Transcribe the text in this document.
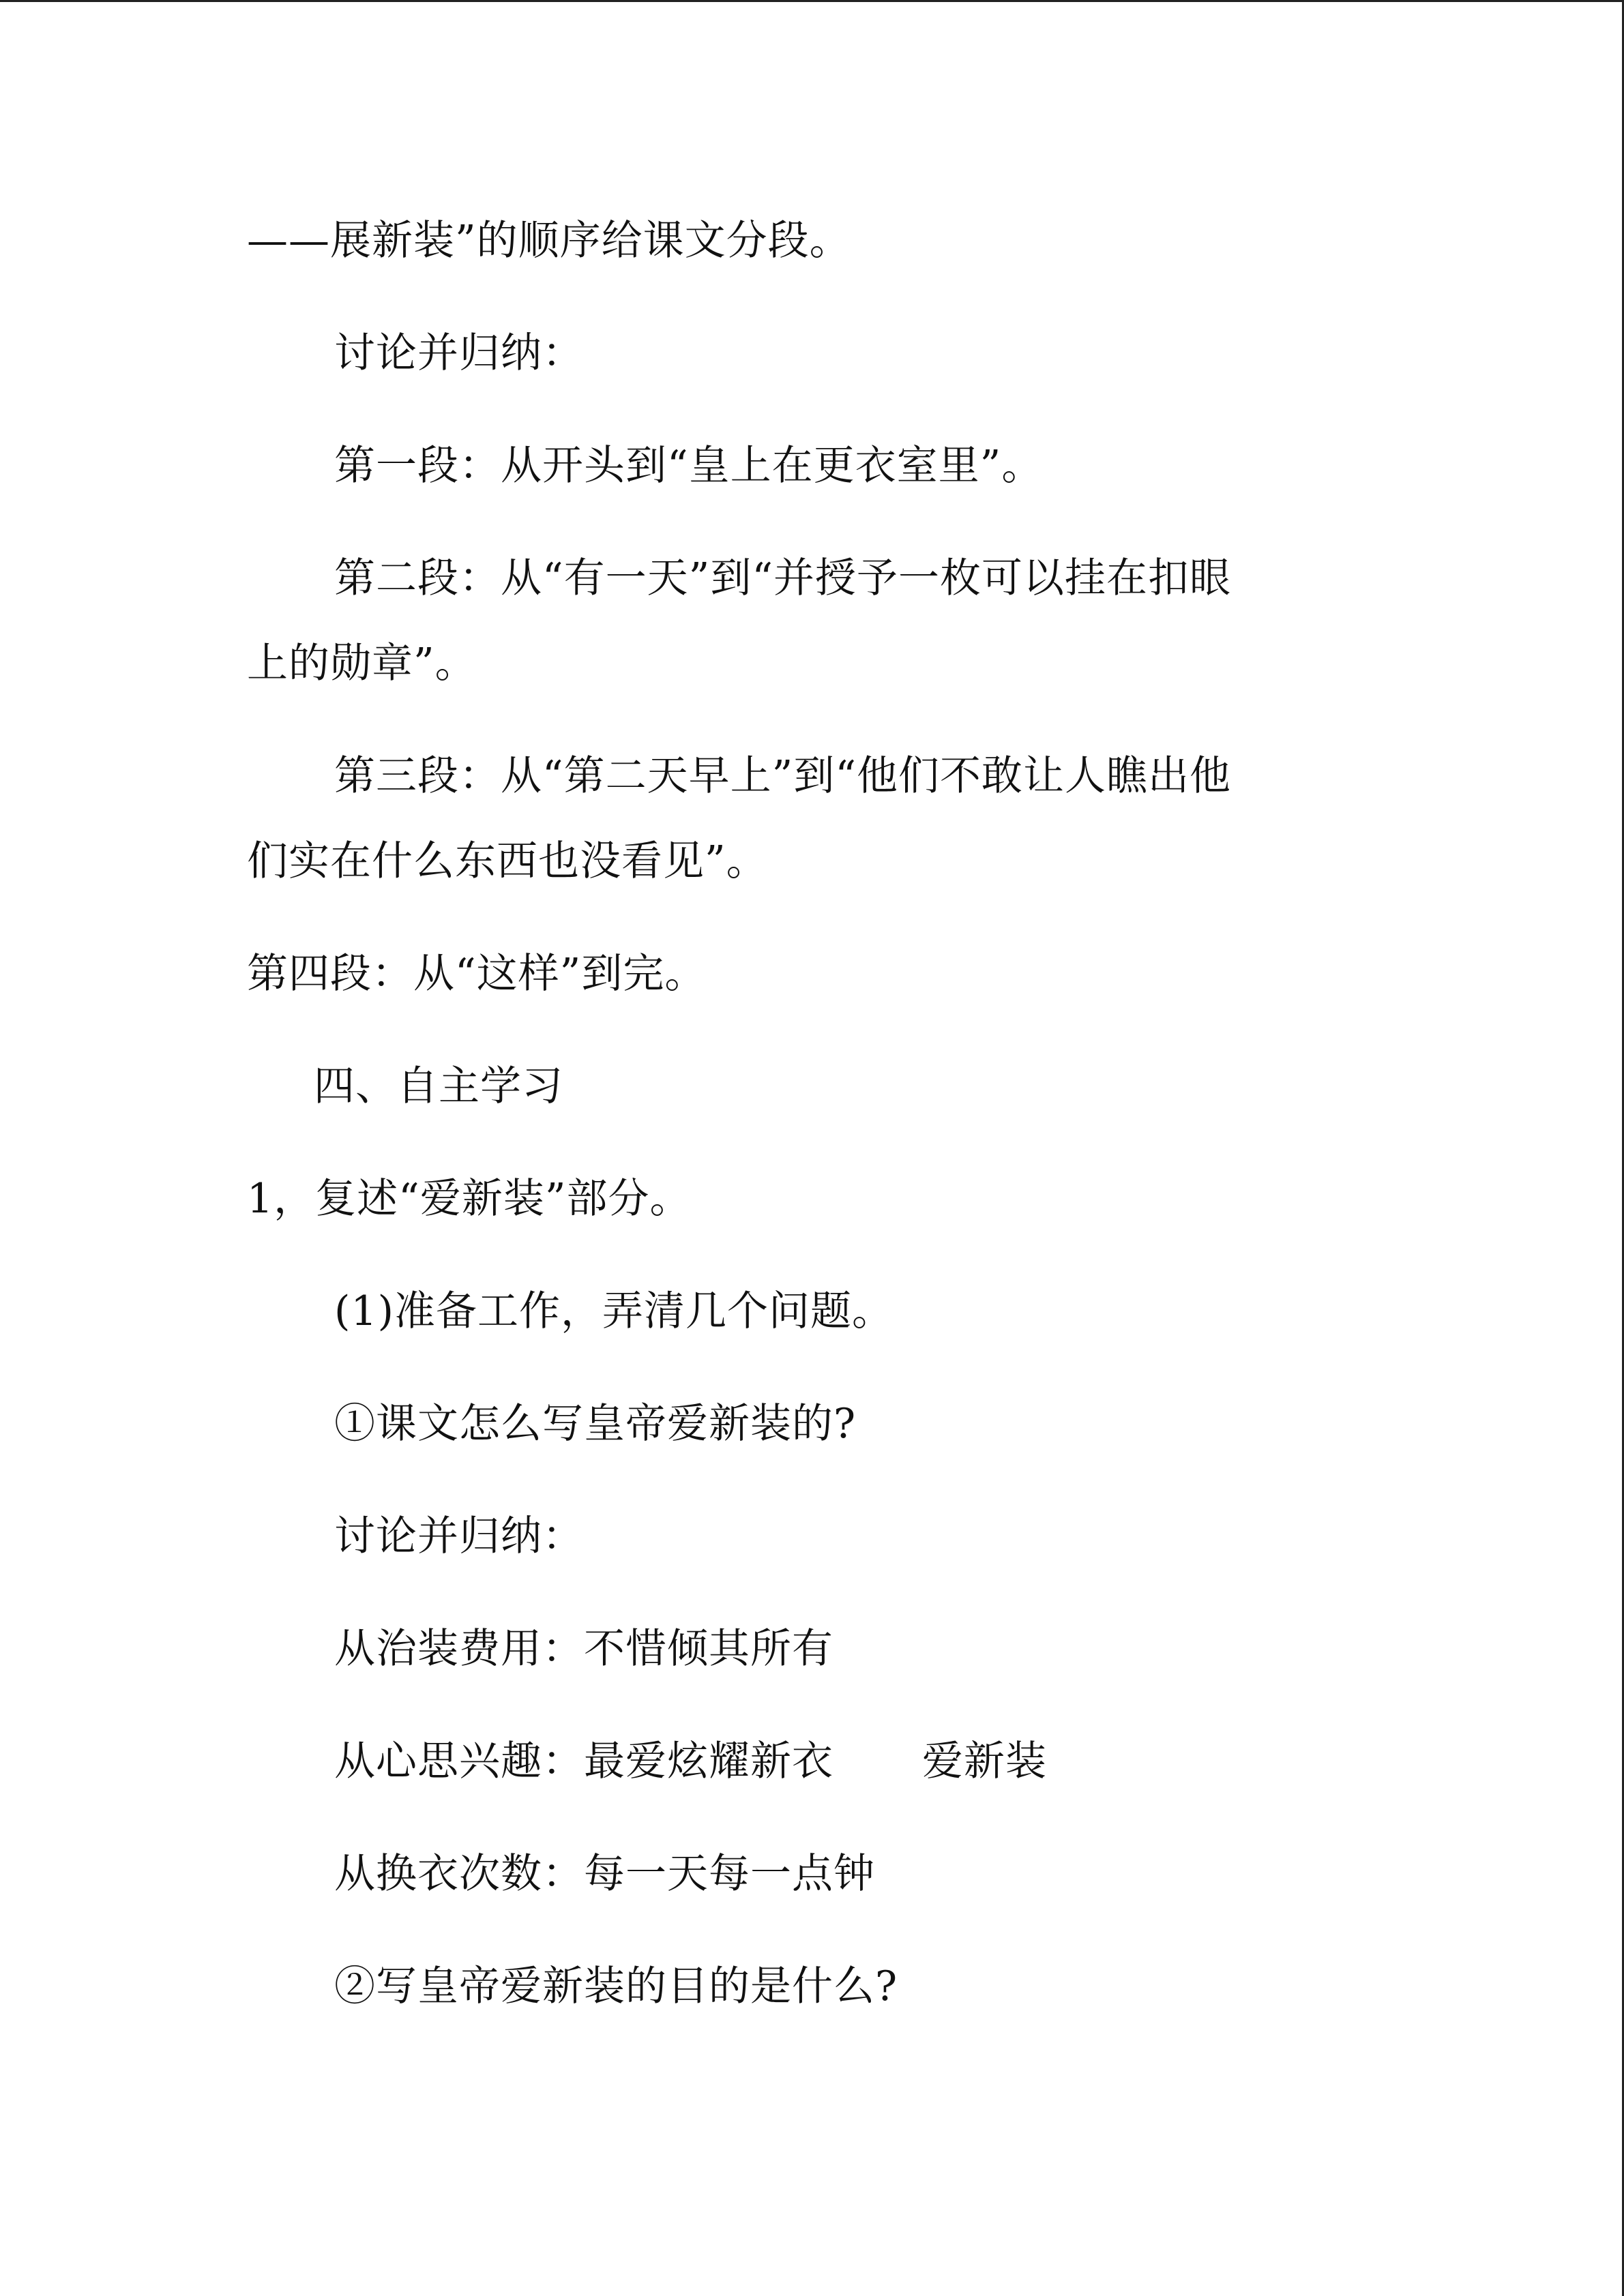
——展新装”的顺序给课文分段。
讨论并归纳：
第一段：从开头到“皇上在更衣室里”。
第二段：从“有一天”到“并授予一枚可以挂在扣眼
上的勋章”。
第三段：从“第二天早上”到“他们不敢让人瞧出他
们实在什么东西也没看见”。
第四段：从“这样”到完。
四、自主学习
1，复述“爱新装”部分。
(1)准备工作，弄清几个问题。
①课文怎么写皇帝爱新装的?
讨论并归纳：
从治装费用：不惜倾其所有
从心思兴趣：最爱炫耀新衣 爱新装
从换衣次数：每一天每一点钟
②写皇帝爱新装的目的是什么?
